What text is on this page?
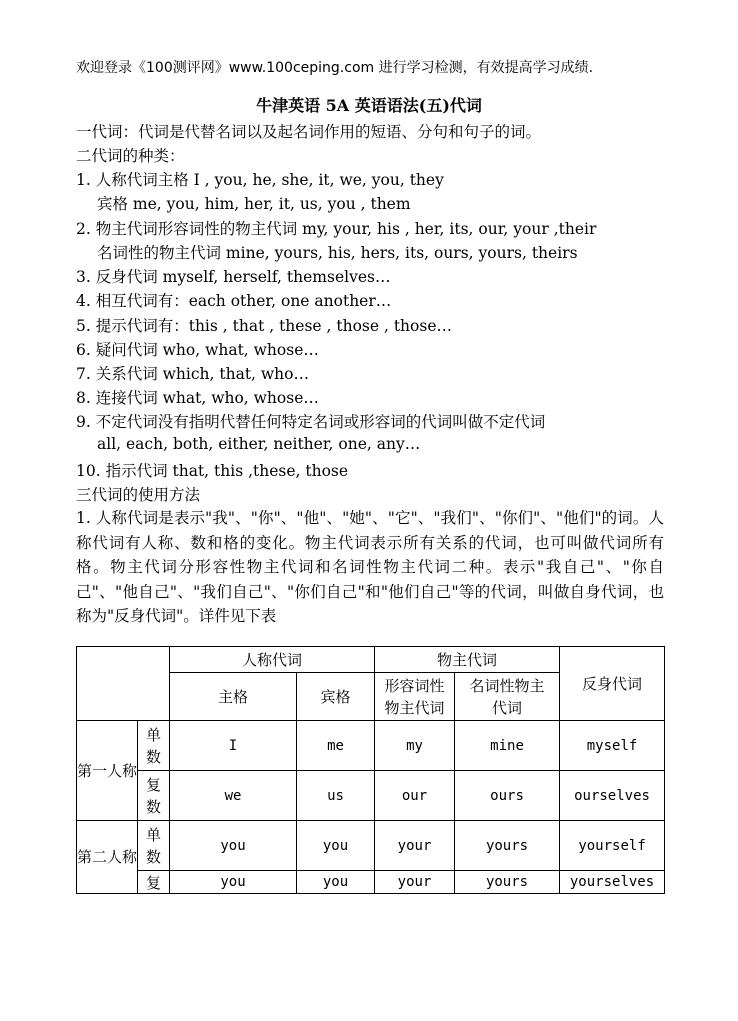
欢迎登录《100测评网》www.100ceping.com 进行学习检测，有效提高学习成绩.
牛津英语 5A 英语语法(五)代词
一代词：代词是代替名词以及起名词作用的短语、分句和句子的词。
二代词的种类：
1. 人称代词主格 I , you, he, she, it, we, you, they
宾格 me, you, him, her, it, us, you , them
2. 物主代词形容词性的物主代词 my, your, his , her, its, our, your ,their
名词性的物主代词 mine, yours, his, hers, its, ours, yours, theirs
3. 反身代词 myself, herself, themselves…
4. 相互代词有：each other, one another…
5. 提示代词有：this , that , these , those , those…
6. 疑问代词 who, what, whose…
7. 关系代词 which, that, who…
8. 连接代词 what, who, whose…
9. 不定代词没有指明代替任何特定名词或形容词的代词叫做不定代词
all, each, both, either, neither, one, any…
10. 指示代词 that, this ,these, those
三代词的使用方法
1. 人称代词是表示"我"、"你"、"他"、"她"、"它"、"我们"、"你们"、"他们"的词。人称代词有人称、数和格的变化。物主代词表示所有关系的代词，也可叫做代词所有格。物主代词分形容性物主代词和名词性物主代词二种。表示"我自己"、"你自己"、"他自己"、"我们自己"、"你们自己"和"他们自己"等的代词，叫做自身代词，也称为"反身代词"。详件见下表
		人称代词		物主代词		反身代词
		主格	宾格	形容词性物主代词	名词性物主代词	
第一人称	单数	I	me	my	mine	myself
	复数	we	us	our	ours	ourselves
第二人称	单数	you	you	your	yours	yourself
	复	you	you	your	yours	yourselves
